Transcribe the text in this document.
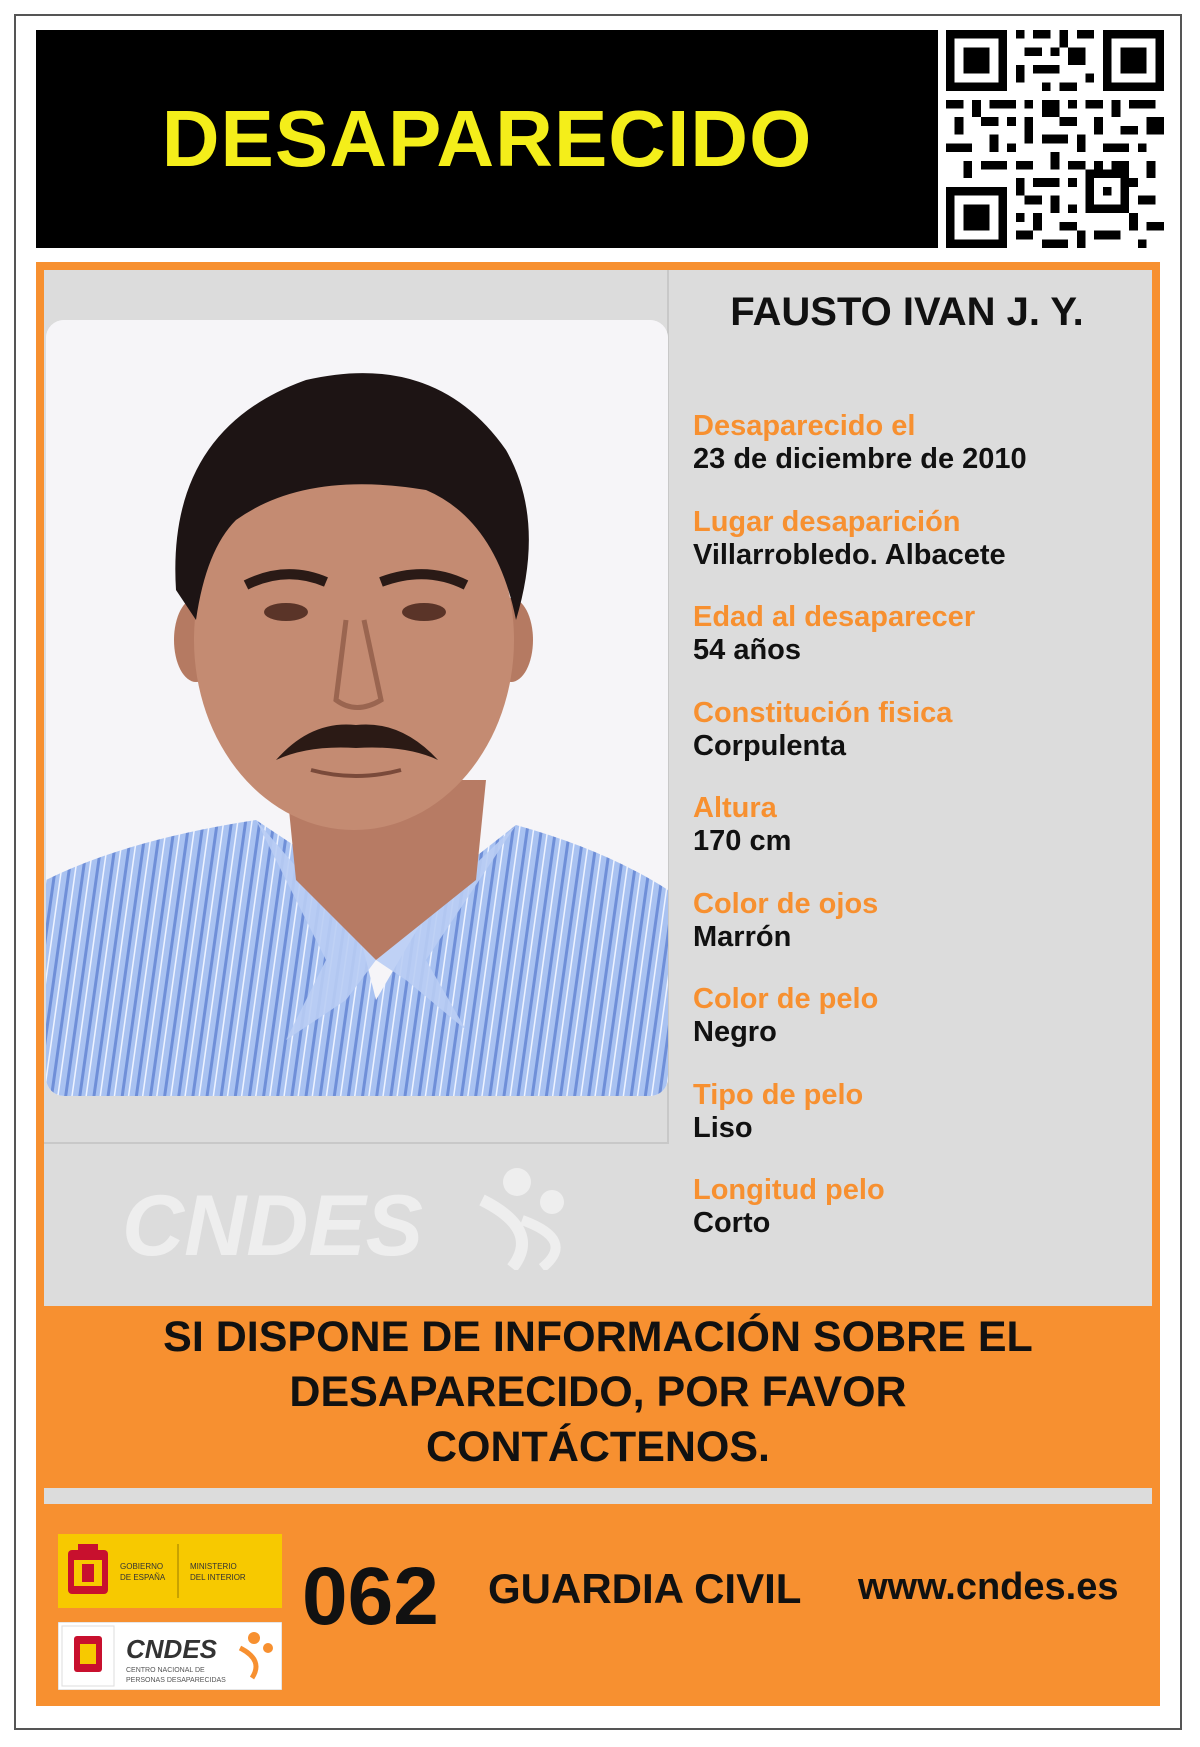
DESAPARECIDO
CNDES
FAUSTO IVAN J. Y.
Desaparecido el
23 de diciembre de 2010
Lugar desaparición
Villarrobledo. Albacete
Edad al desaparecer
54 años
Constitución fisica
Corpulenta
Altura
170 cm
Color de ojos
Marrón
Color de pelo
Negro
Tipo de pelo
Liso
Longitud pelo
Corto
SI DISPONE DE INFORMACIÓN SOBRE EL
DESAPARECIDO, POR FAVOR
CONTÁCTENOS.
GOBIERNO
DE ESPAÑA
MINISTERIO
DEL INTERIOR
CNDES
CENTRO NACIONAL DE
PERSONAS DESAPARECIDAS
062 GUARDIA CIVIL www.cndes.es
